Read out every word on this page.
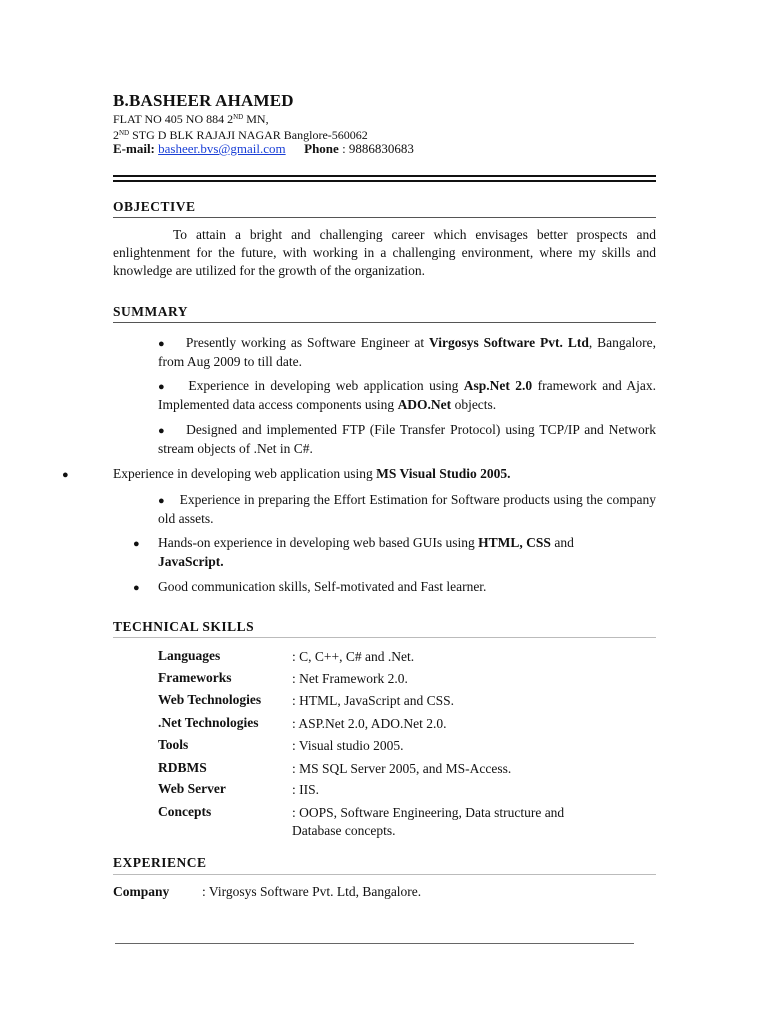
B.BASHEER AHAMED
FLAT NO 405 NO 884 2ND MN,
2ND STG D BLK RAJAJI NAGAR Banglore-560062
E-mail: basheer.bvs@gmail.com Phone : 9886830683
OBJECTIVE
To attain a bright and challenging career which envisages better prospects and enlightenment for the future, with working in a challenging environment, where my skills and knowledge are utilized for the growth of the organization.
SUMMARY
● Presently working as Software Engineer at Virgosys Software Pvt. Ltd, Bangalore, from Aug 2009 to till date.
● Experience in developing web application using Asp.Net 2.0 framework and Ajax. Implemented data access components using ADO.Net objects.
● Designed and implemented FTP (File Transfer Protocol) using TCP/IP and Network stream objects of .Net in C#.
●	Experience in developing web application using MS Visual Studio 2005.
● Experience in preparing the Effort Estimation for Software products using the company old assets.
● Hands-on experience in developing web based GUIs using HTML, CSS and
JavaScript.
● Good communication skills, Self-motivated and Fast learner.
TECHNICAL SKILLS
Languages	: C, C++, C# and .Net.
Frameworks	: Net Framework 2.0.
Web Technologies : HTML, JavaScript and CSS.
.Net Technologies : ASP.Net 2.0, ADO.Net 2.0.
Tools	: Visual studio 2005.
RDBMS	: MS SQL Server 2005, and MS-Access.
Web Server	: IIS.
Concepts	: OOPS, Software Engineering, Data structure and Database concepts.
EXPERIENCE
Company : Virgosys Software Pvt. Ltd, Bangalore.
